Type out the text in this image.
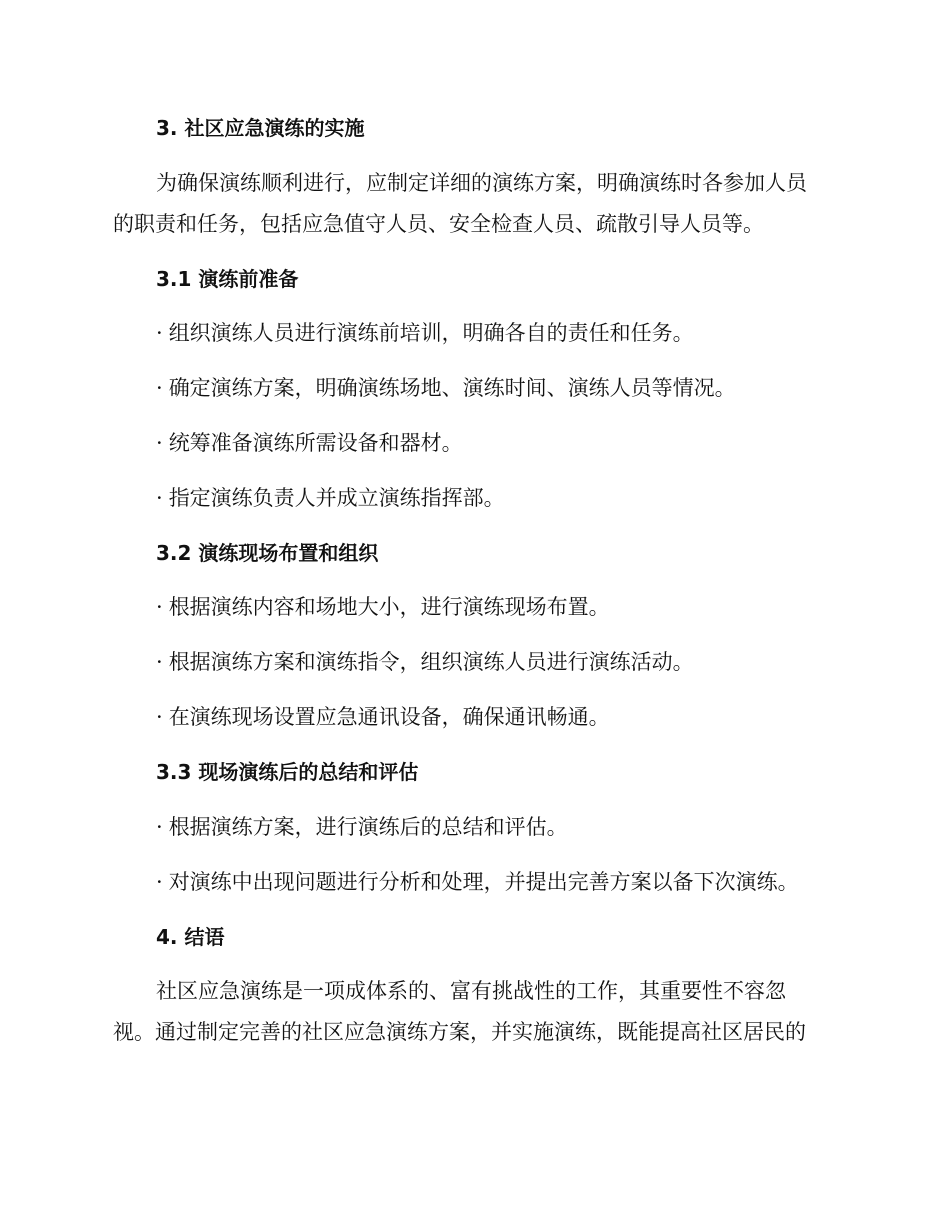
3. 社区应急演练的实施
为确保演练顺利进行，应制定详细的演练方案，明确演练时各参加人员
的职责和任务，包括应急值守人员、安全检查人员、疏散引导人员等。
3.1 演练前准备
· 组织演练人员进行演练前培训，明确各自的责任和任务。
· 确定演练方案，明确演练场地、演练时间、演练人员等情况。
· 统筹准备演练所需设备和器材。
· 指定演练负责人并成立演练指挥部。
3.2 演练现场布置和组织
· 根据演练内容和场地大小，进行演练现场布置。
· 根据演练方案和演练指令，组织演练人员进行演练活动。
· 在演练现场设置应急通讯设备，确保通讯畅通。
3.3 现场演练后的总结和评估
· 根据演练方案，进行演练后的总结和评估。
· 对演练中出现问题进行分析和处理，并提出完善方案以备下次演练。
4. 结语
社区应急演练是一项成体系的、富有挑战性的工作，其重要性不容忽
视。通过制定完善的社区应急演练方案，并实施演练，既能提高社区居民的
